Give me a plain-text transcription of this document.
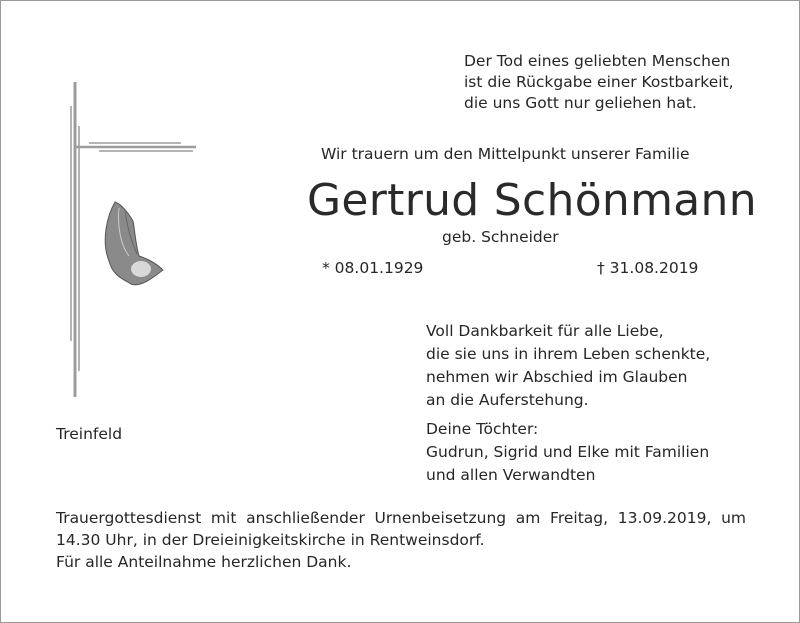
Der Tod eines geliebten Menschen
ist die Rückgabe einer Kostbarkeit,
die uns Gott nur geliehen hat.
Wir trauern um den Mittelpunkt unserer Familie
Gertrud Schönmann
geb. Schneider
* 08.01.1929	† 31.08.2019
Voll Dankbarkeit für alle Liebe,
die sie uns in ihrem Leben schenkte,
nehmen wir Abschied im Glauben
an die Auferstehung.
Treinfeld	Deine Töchter:
Gudrun, Sigrid und Elke mit Familien
und allen Verwandten
Trauergottesdienst mit anschließender Urnenbeisetzung am Freitag, 13.09.2019, um 14.30 Uhr, in der Dreieinigkeitskirche in Rentweinsdorf.
Für alle Anteilnahme herzlichen Dank.
